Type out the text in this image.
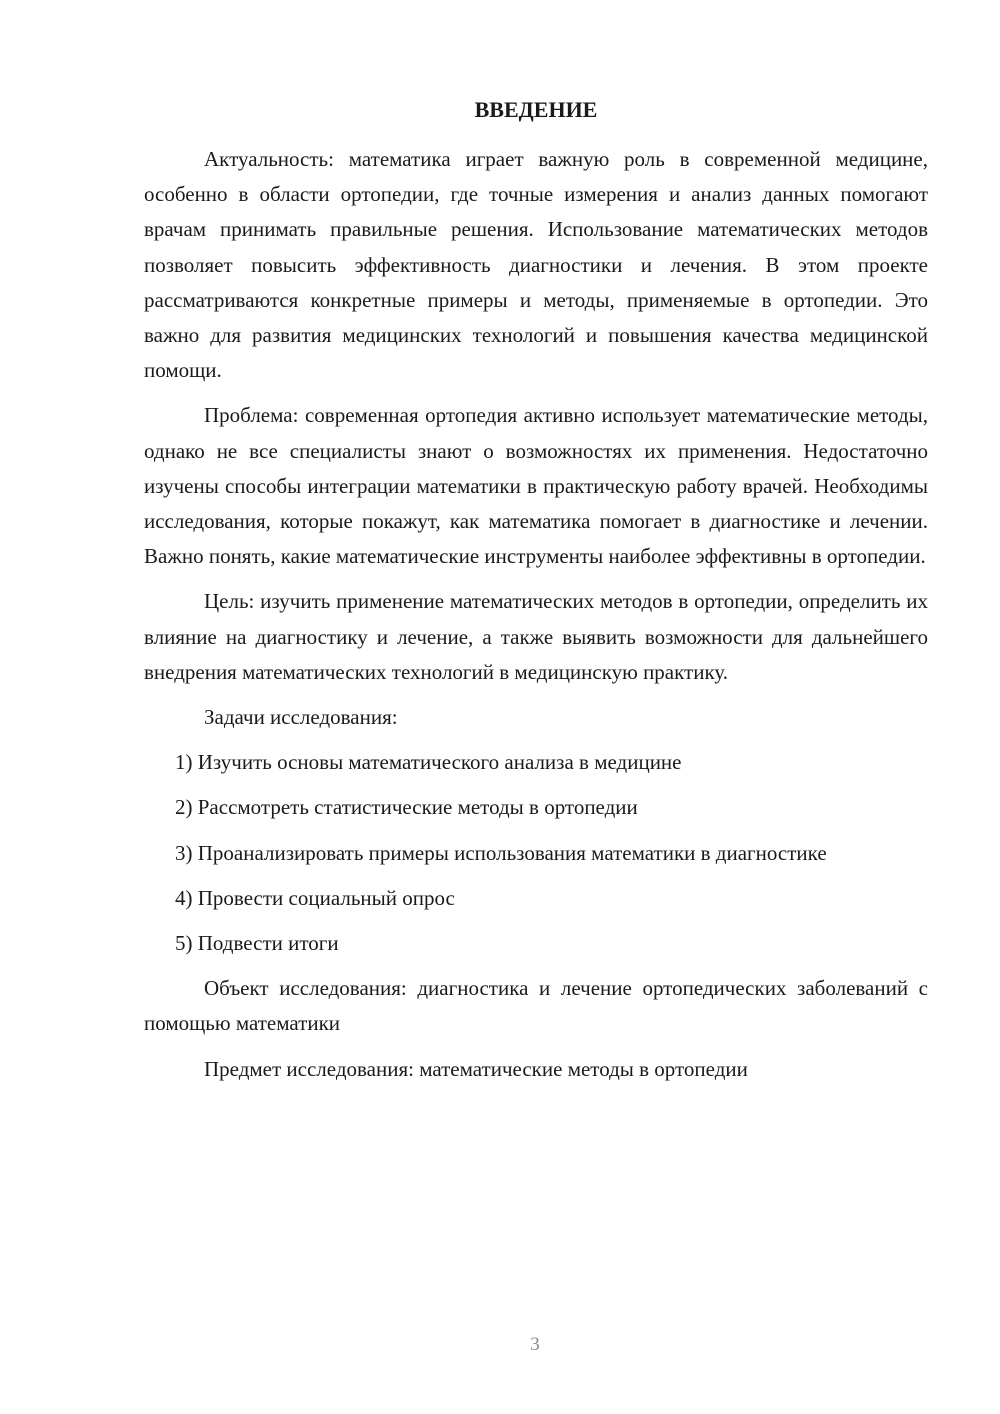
ВВЕДЕНИЕ

Актуальность: математика играет важную роль в современной медицине, особенно в области ортопедии, где точные измерения и анализ данных помогают врачам принимать правильные решения. Использование математических методов позволяет повысить эффективность диагностики и лечения. В этом проекте рассматриваются конкретные примеры и методы, применяемые в ортопедии. Это важно для развития медицинских технологий и повышения качества медицинской помощи.

Проблема: современная ортопедия активно использует математические методы, однако не все специалисты знают о возможностях их применения. Недостаточно изучены способы интеграции математики в практическую работу врачей. Необходимы исследования, которые покажут, как математика помогает в диагностике и лечении. Важно понять, какие математические инструменты наиболее эффективны в ортопедии.

Цель: изучить применение математических методов в ортопедии, определить их влияние на диагностику и лечение, а также выявить возможности для дальнейшего внедрения математических технологий в медицинскую практику.

Задачи исследования:

1) Изучить основы математического анализа в медицине

2) Рассмотреть статистические методы в ортопедии

3) Проанализировать примеры использования математики в диагностике

4) Провести социальный опрос

5) Подвести итоги

Объект исследования: диагностика и лечение ортопедических заболеваний с помощью математики

Предмет исследования: математические методы в ортопедии

3
